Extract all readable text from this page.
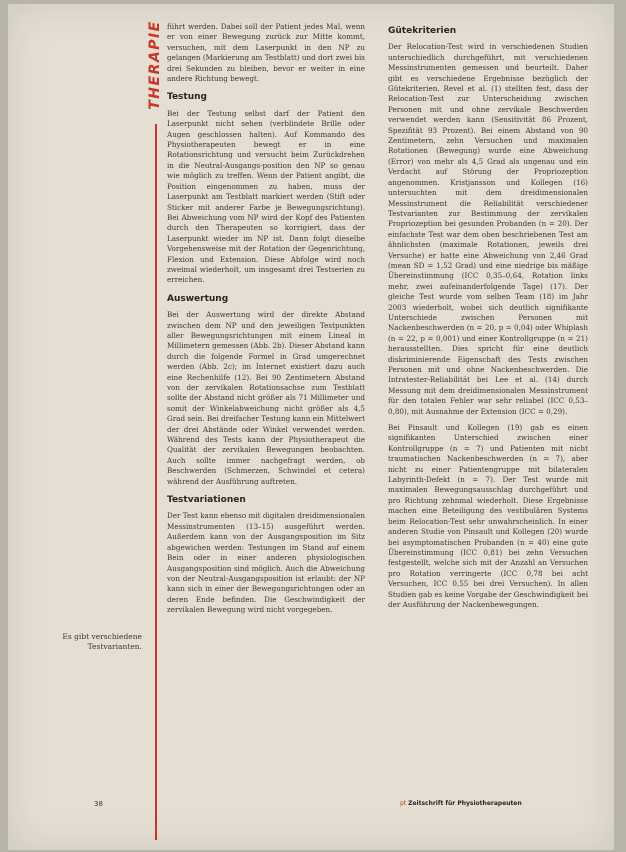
THERAPIE
Es gibt verschiedene Testvarianten.

führt werden. Dabei soll der Patient jedes Mal, wenn er von einer Bewegung zurück zur Mitte kommt, versuchen, mit dem Laserpunkt in den NP zu gelangen (Markierung am Testblatt) und dort zwei bis drei Sekunden zu bleiben, bevor er weiter in eine andere Richtung bewegt.

Testung

Bei der Testung selbst darf der Patient den Laserpunkt nicht sehen (verblindete Brille oder Augen geschlossen halten). Auf Kommando des Physiotherapeuten bewegt er in eine Rotationsrichtung und versucht beim Zurückdrehen in die Neutral-Ausgangs-position den NP so genau wie möglich zu treffen. Wenn der Patient angibt, die Position eingenommen zu haben, muss der Laserpunkt am Testblatt markiert werden (Stift oder Sticker mit anderer Farbe je Bewegungsrichtung). Bei Abweichung vom NP wird der Kopf des Patienten durch den Therapeuten so korrigiert, dass der Laserpunkt wieder im NP ist. Dann folgt dieselbe Vorgehensweise mit der Rotation der Gegenrichtung, Flexion und Extension. Diese Abfolge wird noch zweimal wiederholt, um insgesamt drei Testserien zu erreichen.

Auswertung

Bei der Auswertung wird der direkte Abstand zwischen dem NP und den jeweiligen Testpunkten aller Bewegungsrichtungen mit einem Lineal in Millimetern gemessen (Abb. 2b). Dieser Abstand kann durch die folgende Formel in Grad umgerechnet werden (Abb. 2c); im Internet existiert dazu auch eine Rechenhilfe (12). Bei 90 Zentimetern Abstand von der zervikalen Rotationsachse zum Testblatt sollte der Abstand nicht größer als 71 Millimeter und somit der Winkelabweichung nicht größer als 4,5 Grad sein. Bei dreifacher Testung kann ein Mittelwert der drei Abstände oder Winkel verwendet werden. Während des Tests kann der Physiotherapeut die Qualität der zervikalen Bewegungen beobachten. Auch sollte immer nachgefragt werden, ob Beschwerden (Schmerzen, Schwindel et cetera) während der Ausführung auftreten.

Testvariationen

Der Test kann ebenso mit digitalen dreidimensionalen Messinstrumenten (13–15) ausgeführt werden. Außerdem kann von der Ausgangsposition im Sitz abgewichen werden: Testungen im Stand auf einem Bein oder in einer anderen physiologischen Ausgangsposition sind möglich. Auch die Abweichung von der Neutral-Ausgangsposition ist erlaubt: der NP kann sich in einer der Bewegungsrichtungen oder an deren Ende befinden. Die Geschwindigkeit der zervikalen Bewegung wird nicht vorgegeben.

Gütekriterien

Der Relocation-Test wird in verschiedenen Studien unterschiedlich durchgeführt, mit verschiedenen Messinstrumenten gemessen und beurteilt. Daher gibt es verschiedene Ergebnisse bezüglich der Gütekriterien. Revel et al. (1) stellten fest, dass der Relocation-Test zur Unterscheidung zwischen Personen mit und ohne zervikale Beschwerden verwendet werden kann (Sensitivität 86 Prozent, Spezifität 93 Prozent). Bei einem Abstand von 90 Zentimetern, zehn Versuchen und maximalen Rotationen (Bewegung) wurde eine Abweichung (Error) von mehr als 4,5 Grad als ungenau und ein Verdacht auf Störung der Propriozeption angenommen. Kristjansson und Kollegen (16) untersuchten mit dem dreidimensionalen Messinstrument die Reliabilität verschiedener Testvarianten zur Bestimmung der zervikalen Propriozeption bei gesunden Probanden (n = 20). Der einfachste Test war dem oben beschriebenen Test am ähnlichsten (maximale Rotationen, jeweils drei Versuche) er hatte eine Abweichung von 2,46 Grad (mean SD = 1,52 Grad) und eine niedrige bis mäßige Übereinstimmung (ICC 0,35–0,64, Rotation links mehr, zwei aufeinanderfolgende Tage) (17). Der gleiche Test wurde vom selben Team (18) im Jahr 2003 wiederholt, wobei sich deutlich signifikante Unterschiede zwischen Personen mit Nackenbeschwerden (n = 20, p = 0,04) oder Whiplash (n = 22, p = 0,001) und einer Kontrollgruppe (n = 21) herausstellten. Dies spricht für eine deutlich diskriminierende Eigenschaft des Tests zwischen Personen mit und ohne Nackenbeschwerden. Die Intratester-Reliabilität bei Lee et al. (14) durch Messung mit dem dreidimensionalen Messinstrument für den totalen Fehler war sehr reliabel (ICC 0,53–0,80), mit Ausnahme der Extension (ICC = 0,29).

Bei Pinsault und Kollegen (19) gab es einen signifikanten Unterschied zwischen einer Kontrollgruppe (n = 7) und Patienten mit nicht traumatischen Nackenbeschwerden (n = 7), aber nicht zu einer Patientengruppe mit bilateralen Labyrinth-Defekt (n = 7). Der Test wurde mit maximalen Bewegungsausschlag durchgeführt und pro Richtung zehnmal wiederholt. Diese Ergebnisse machen eine Beteiligung des vestibulären Systems beim Relocation-Test sehr unwahrscheinlich. In einer anderen Studie von Pinsault und Kollegen (20) wurde bei asymptomatischen Probanden (n = 40) eine gute Übereinstimmung (ICC 0,81) bei zehn Versuchen festgestellt, welche sich mit der Anzahl an Versuchen pro Rotation verringerte (ICC 0,78 bei acht Versuchen, ICC 0,55 bei drei Versuchen). In allen Studien gab es keine Vorgabe der Geschwindigkeit bei der Ausführung der Nackenbewegungen.

38	pt Zeitschrift für Physiotherapeuten
